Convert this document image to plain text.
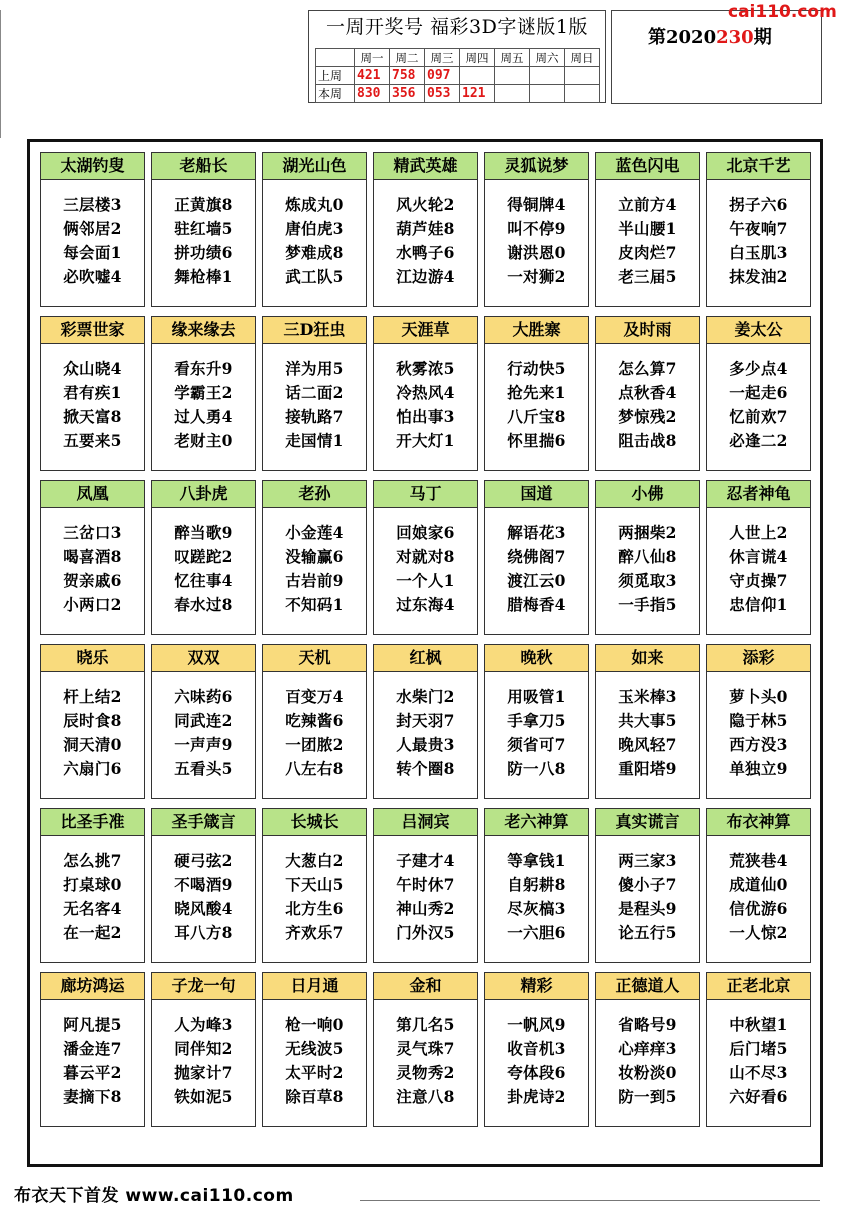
一周开奖号 福彩3D字谜版1版
	周一	周二	周三	周四	周五	周六	周日
上周	421	758	097				
本周	830	356	053	121			
第2020230期
cai110.com
太湖钓叟
三层楼3
俩邻居2
每会面1
必吹嘘4
老船长
正黄旗8
驻红墙5
拼功绩6
舞枪棒1
湖光山色
炼成丸0
唐伯虎3
梦难成8
武工队5
精武英雄
风火轮2
葫芦娃8
水鸭子6
江边游4
灵狐说梦
得铜牌4
叫不停9
谢洪恩0
一对狮2
蓝色闪电
立前方4
半山腰1
皮肉烂7
老三届5
北京千艺
拐子六6
午夜响7
白玉肌3
抹发油2
彩票世家
众山晓4
君有疾1
掀天富8
五要来5
缘来缘去
看东升9
学霸王2
过人勇4
老财主0
三D狂虫
洋为用5
话二面2
接轨路7
走国情1
天涯草
秋雾浓5
冷热风4
怕出事3
开大灯1
大胜寨
行动快5
抢先来1
八斤宝8
怀里揣6
及时雨
怎么算7
点秋香4
梦惊残2
阻击战8
姜太公
多少点4
一起走6
忆前欢7
必逢二2
凤凰
三岔口3
喝喜酒8
贺亲戚6
小两口2
八卦虎
醉当歌9
叹蹉跎2
忆往事4
春水过8
老孙
小金莲4
没输赢6
古岩前9
不知码1
马丁
回娘家6
对就对8
一个人1
过东海4
国道
解语花3
绕佛阁7
渡江云0
腊梅香4
小佛
两捆柴2
醉八仙8
须觅取3
一手指5
忍者神龟
人世上2
休言谎4
守贞操7
忠信仰1
晓乐
杆上结2
辰时食8
洞天清0
六扇门6
双双
六味药6
同武连2
一声声9
五看头5
天机
百变万4
吃辣酱6
一团脓2
八左右8
红枫
水柴门2
封天羽7
人最贵3
转个圈8
晚秋
用吸管1
手拿刀5
须省可7
防一八8
如来
玉米棒3
共大事5
晚风轻7
重阳塔9
添彩
萝卜头0
隐于林5
西方没3
单独立9
比圣手准
怎么挑7
打桌球0
无名客4
在一起2
圣手箴言
硬弓弦2
不喝酒9
晓风酸4
耳八方8
长城长
大葱白2
下天山5
北方生6
齐欢乐7
吕洞宾
子建才4
午时休7
神山秀2
门外汉5
老六神算
等拿钱1
自躬耕8
尽灰槁3
一六胆6
真实谎言
两三家3
傻小子7
是程头9
论五行5
布衣神算
荒狭巷4
成道仙0
信优游6
一人惊2
廊坊鸿运
阿凡提5
潘金连7
暮云平2
妻摘下8
子龙一句
人为峰3
同伴知2
抛家计7
铁如泥5
日月通
枪一响0
无线波5
太平时2
除百草8
金和
第几名5
灵气珠7
灵物秀2
注意八8
精彩
一帆风9
收音机3
夸体段6
卦虎诗2
正德道人
省略号9
心痒痒3
妆粉淡0
防一到5
正老北京
中秋望1
后门堵5
山不尽3
六好看6
布衣天下首发 www.cai110.com
